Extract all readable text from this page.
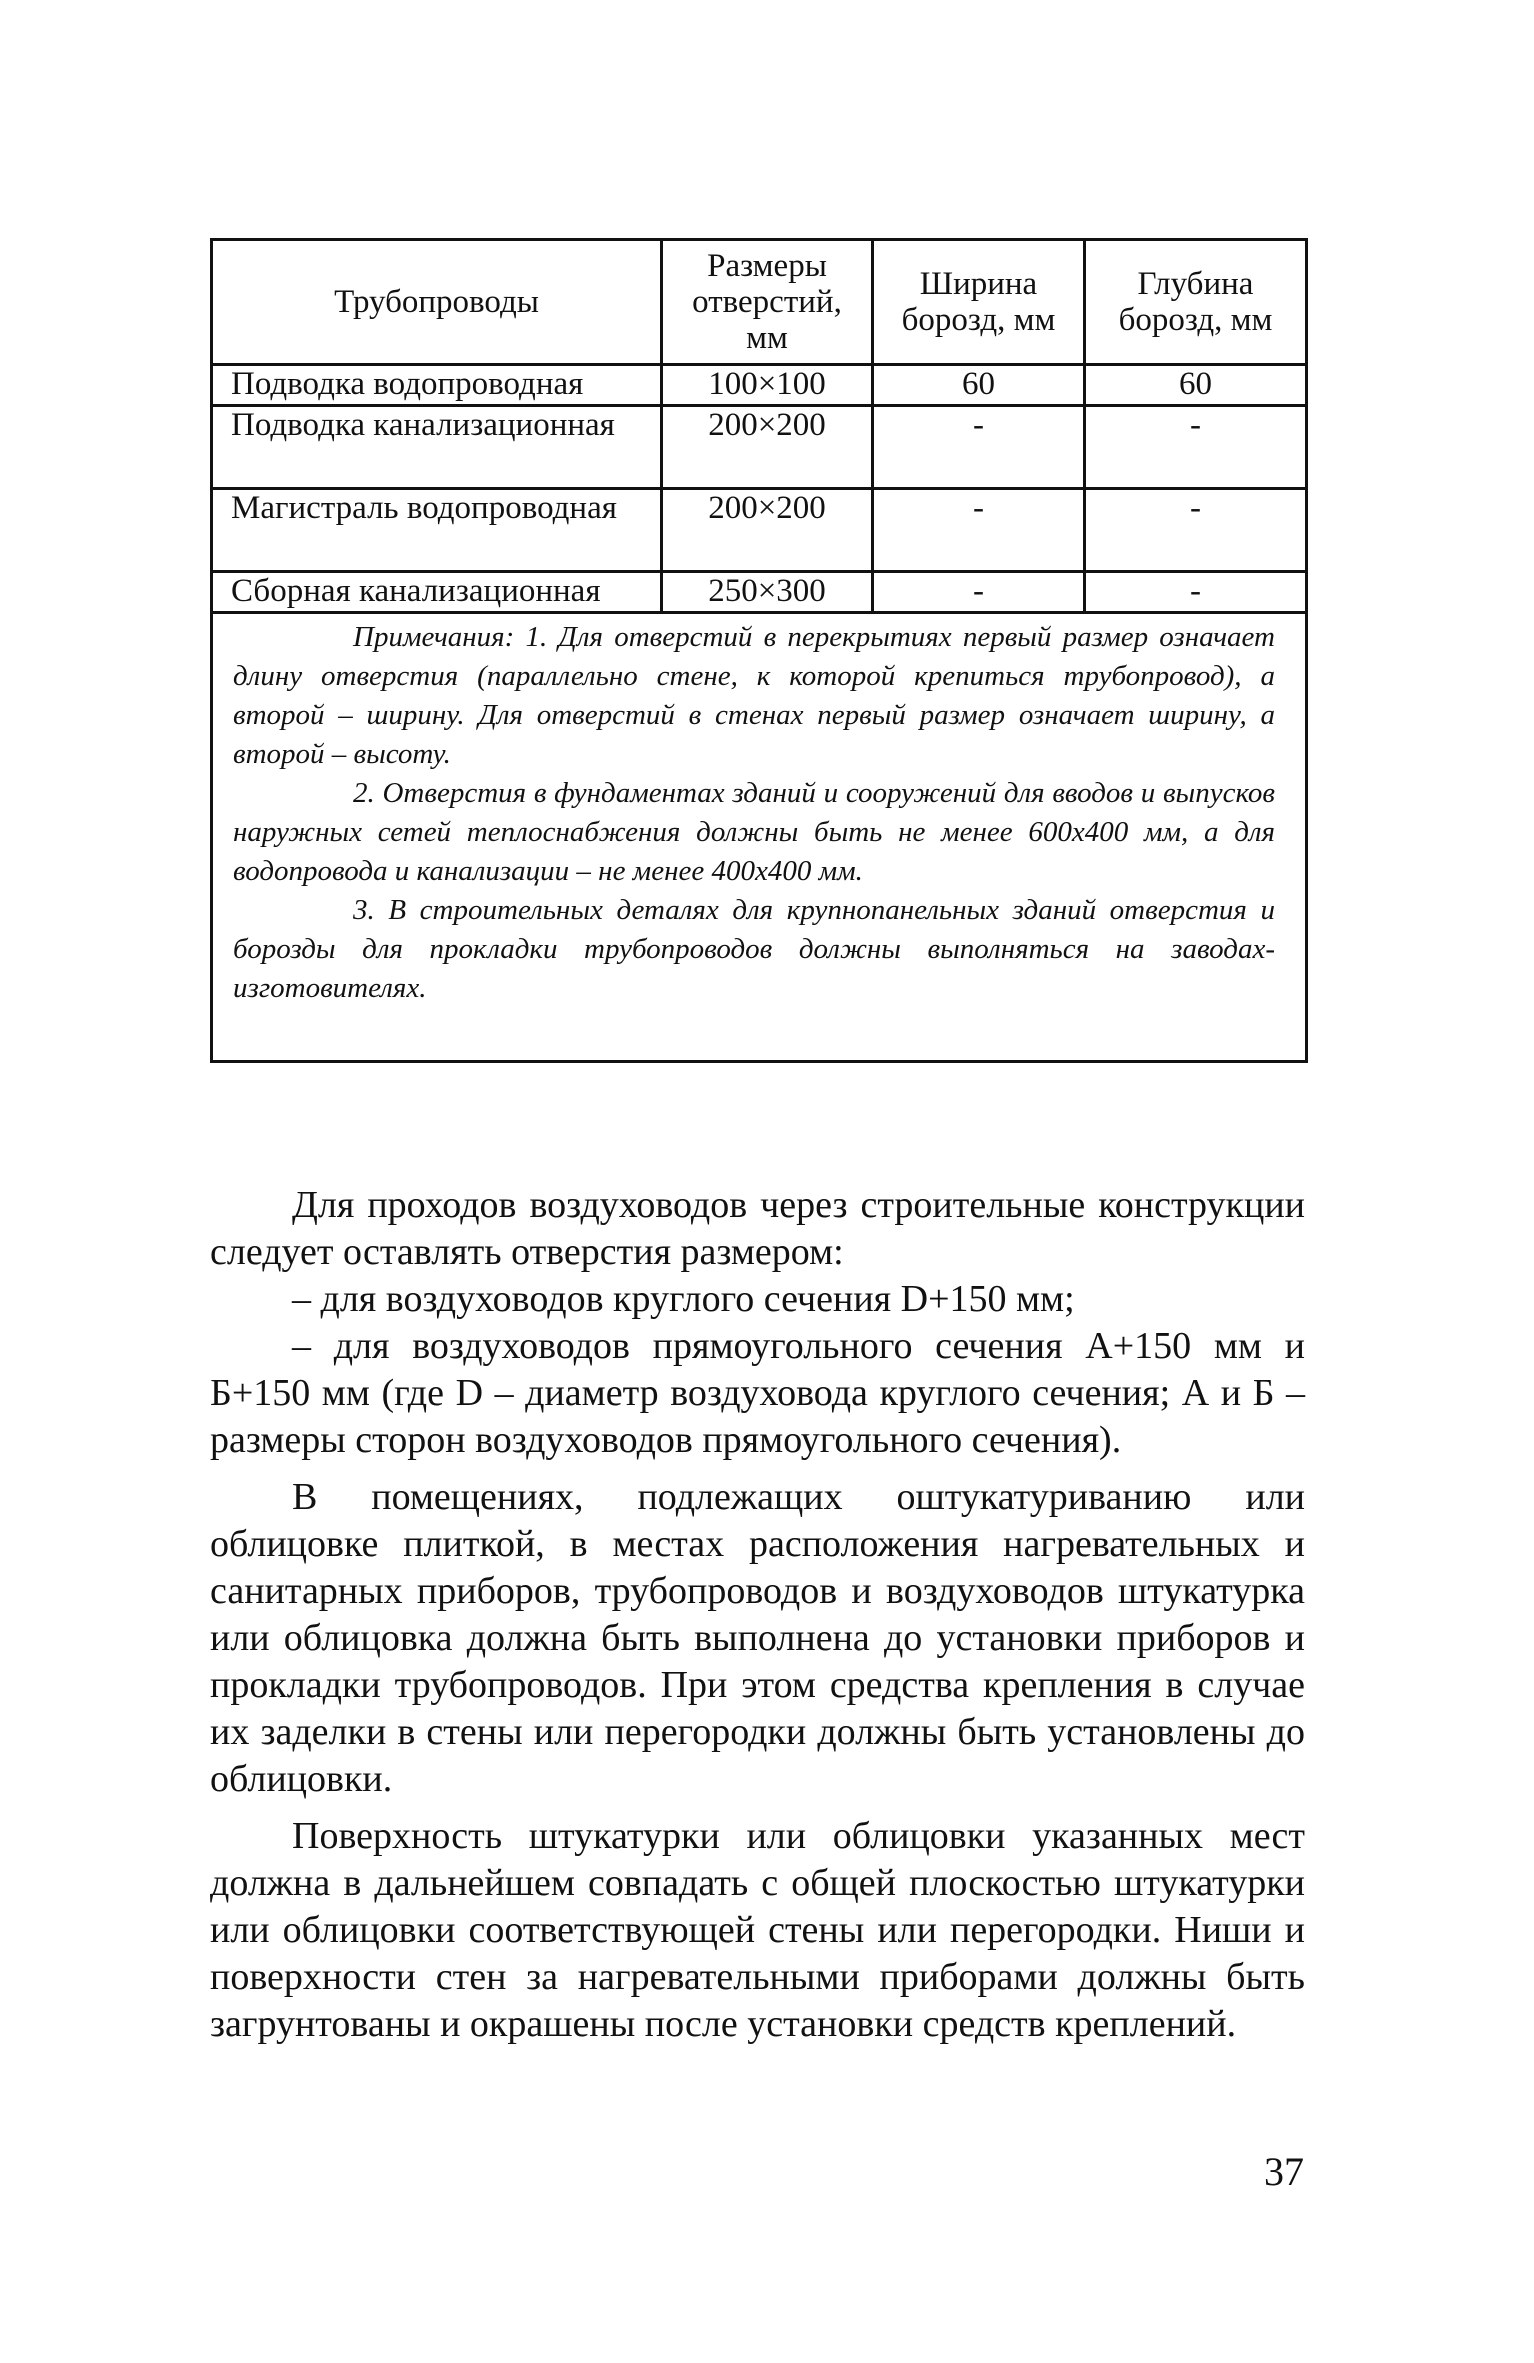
Трубопроводы	Размеры отверстий, мм	Ширина борозд, мм	Глубина борозд, мм
Подводка водопроводная	100×100	60	60
Подводка канализационная	200×200	-	-
Магистраль водопроводная	200×200	-	-
Сборная канализационная	250×300	-	-

Примечания: 1. Для отверстий в перекрытиях первый размер означает длину отверстия (параллельно стене, к которой крепиться трубопровод), а второй – ширину. Для отверстий в стенах первый размер означает ширину, а второй – высоту.

2. Отверстия в фундаментах зданий и сооружений для вводов и выпусков наружных сетей теплоснабжения должны быть не менее 600х400 мм, а для водопровода и канализации – не менее 400х400 мм.

3. В строительных деталях для крупнопанельных зданий отверстия и борозды для прокладки трубопроводов должны выполняться на заводах-изготовителях.			

Для проходов воздуховодов через строительные конструкции следует оставлять отверстия размером:

– для воздуховодов круглого сечения D+150 мм;

– для воздуховодов прямоугольного сечения А+150 мм и Б+150 мм (где D – диаметр воздуховода круглого сечения; А и Б – размеры сторон воздуховодов прямоугольного сечения).

В помещениях, подлежащих оштукатуриванию или облицовке плиткой, в местах расположения нагревательных и санитарных приборов, трубопроводов и воздуховодов штукатурка или облицовка должна быть выполнена до установки приборов и прокладки трубопроводов. При этом средства крепления в случае их заделки в стены или перегородки должны быть установлены до облицовки.

Поверхность штукатурки или облицовки указанных мест должна в дальнейшем совпадать с общей плоскостью штукатурки или облицовки соответствующей стены или перегородки. Ниши и поверхности стен за нагревательными приборами должны быть загрунтованы и окрашены после установки средств креплений.

37
